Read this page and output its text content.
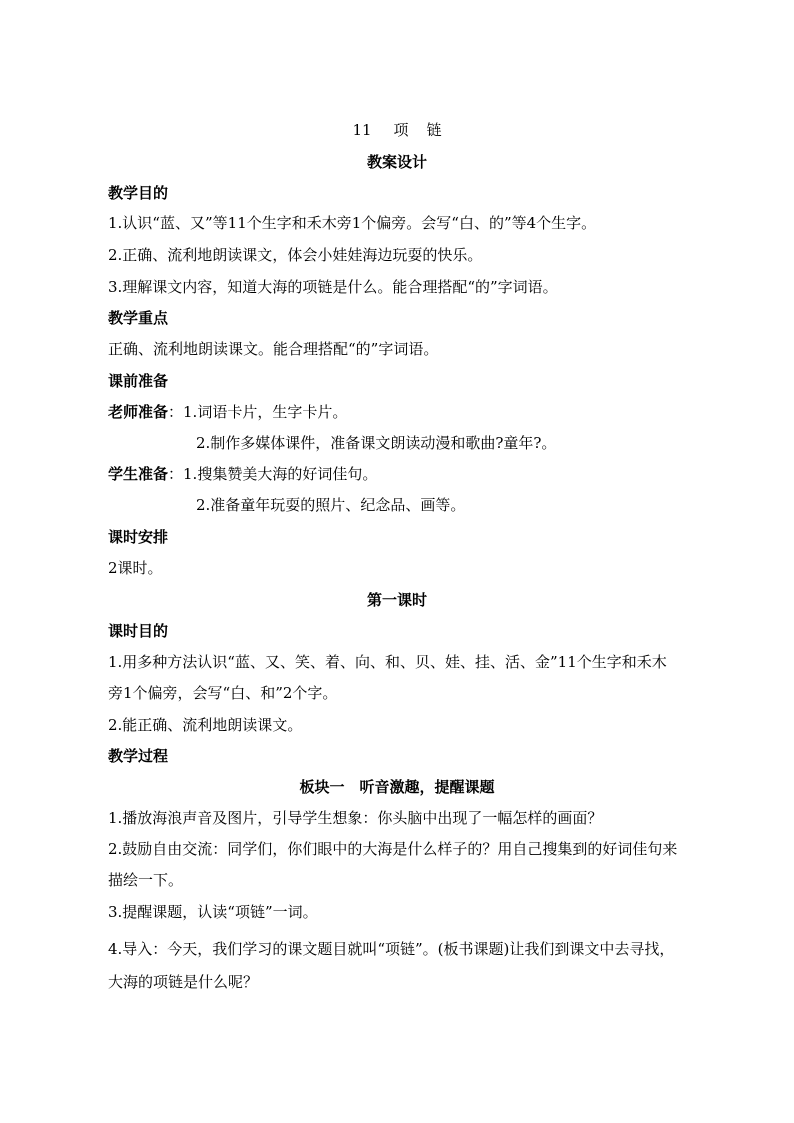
11 项 链
教案设计
教学目的
1.认识“蓝、又”等11个生字和禾木旁1个偏旁。会写“白、的”等4个生字。
2.正确、流利地朗读课文，体会小娃娃海边玩耍的快乐。
3.理解课文内容，知道大海的项链是什么。能合理搭配“的”字词语。
教学重点
正确、流利地朗读课文。能合理搭配“的”字词语。
课前准备
老师准备：1.词语卡片，生字卡片。
2.制作多媒体课件，准备课文朗读动漫和歌曲?童年?。
学生准备：1.搜集赞美大海的好词佳句。
2.准备童年玩耍的照片、纪念品、画等。
课时安排
2课时。
第一课时
课时目的
1.用多种方法认识“蓝、又、笑、着、向、和、贝、娃、挂、活、金”11个生字和禾木
旁1个偏旁，会写“白、和”2个字。
2.能正确、流利地朗读课文。
教学过程
板块一　听音激趣，提醒课题
1.播放海浪声音及图片，引导学生想象：你头脑中出现了一幅怎样的画面？
2.鼓励自由交流：同学们，你们眼中的大海是什么样子的？用自己搜集到的好词佳句来
描绘一下。
3.提醒课题，认读“项链”一词。
4.导入：今天，我们学习的课文题目就叫“项链”。(板书课题)让我们到课文中去寻找，
大海的项链是什么呢？
